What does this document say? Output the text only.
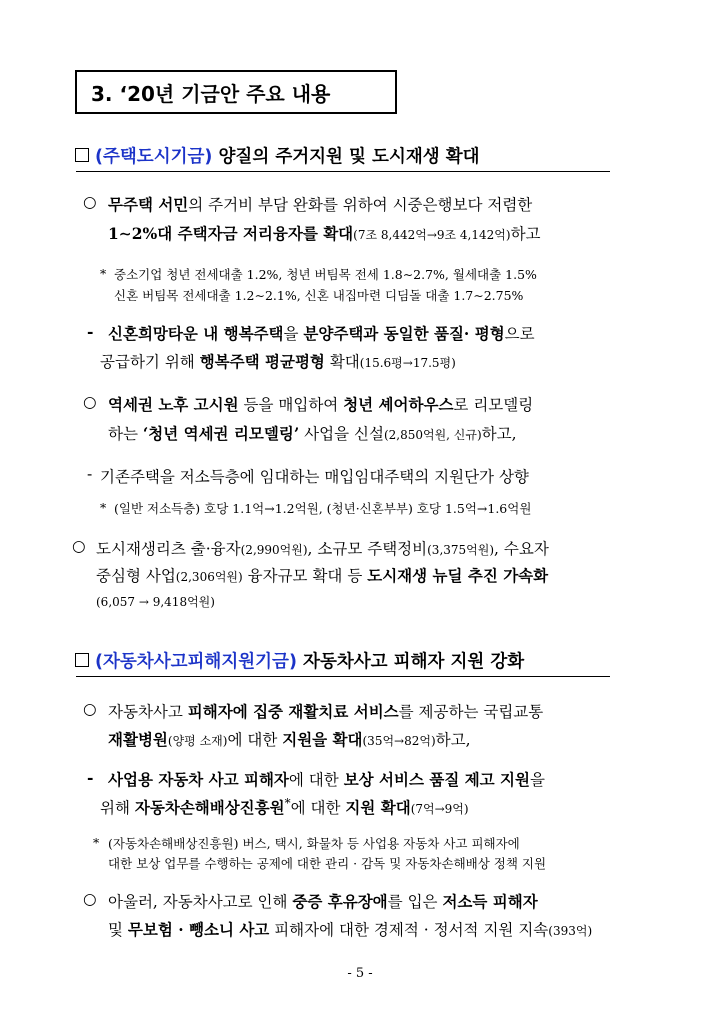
3. ‘20년 기금안 주요 내용
(주택도시기금) 양질의 주거지원 및 도시재생 확대
○ 무주택 서민의 주거비 부담 완화를 위하여 시중은행보다 저렴한
1∼2%대 주택자금 저리융자를 확대(7조 8,442억→9조 4,142억)하고
* 중소기업 청년 전세대출 1.2%, 청년 버팀목 전세 1.8∼2.7%, 월세대출 1.5%
신혼 버팀목 전세대출 1.2∼2.1%, 신혼 내집마련 디딤돌 대출 1.7∼2.75%
- 신혼희망타운 내 행복주택을 분양주택과 동일한 품질· 평형으로
공급하기 위해 행복주택 평균평형 확대(15.6평→17.5평)
○ 역세권 노후 고시원 등을 매입하여 청년 셰어하우스로 리모델링
하는 ‘청년 역세권 리모델링’ 사업을 신설(2,850억원, 신규)하고,
- 기존주택을 저소득층에 임대하는 매입임대주택의 지원단가 상향
* (일반 저소득층) 호당 1.1억→1.2억원, (청년·신혼부부) 호당 1.5억→1.6억원
○ 도시재생리츠 출·융자(2,990억원), 소규모 주택정비(3,375억원), 수요자
중심형 사업(2,306억원) 융자규모 확대 등 도시재생 뉴딜 추진 가속화
(6,057 → 9,418억원)
(자동차사고피해지원기금) 자동차사고 피해자 지원 강화
○ 자동차사고 피해자에 집중 재활치료 서비스를 제공하는 국립교통
재활병원(양평 소재)에 대한 지원을 확대(35억→82억)하고,
- 사업용 자동차 사고 피해자에 대한 보상 서비스 품질 제고 지원을
위해 자동차손해배상진흥원*에 대한 지원 확대(7억→9억)
* (자동차손해배상진흥원) 버스, 택시, 화물차 등 사업용 자동차 사고 피해자에
대한 보상 업무를 수행하는 공제에 대한 관리 · 감독 및 자동차손해배상 정책 지원
○ 아울러, 자동차사고로 인해 중증 후유장애를 입은 저소득 피해자
및 무보험 · 뺑소니 사고 피해자에 대한 경제적 · 정서적 지원 지속(393억)
- 5 -
